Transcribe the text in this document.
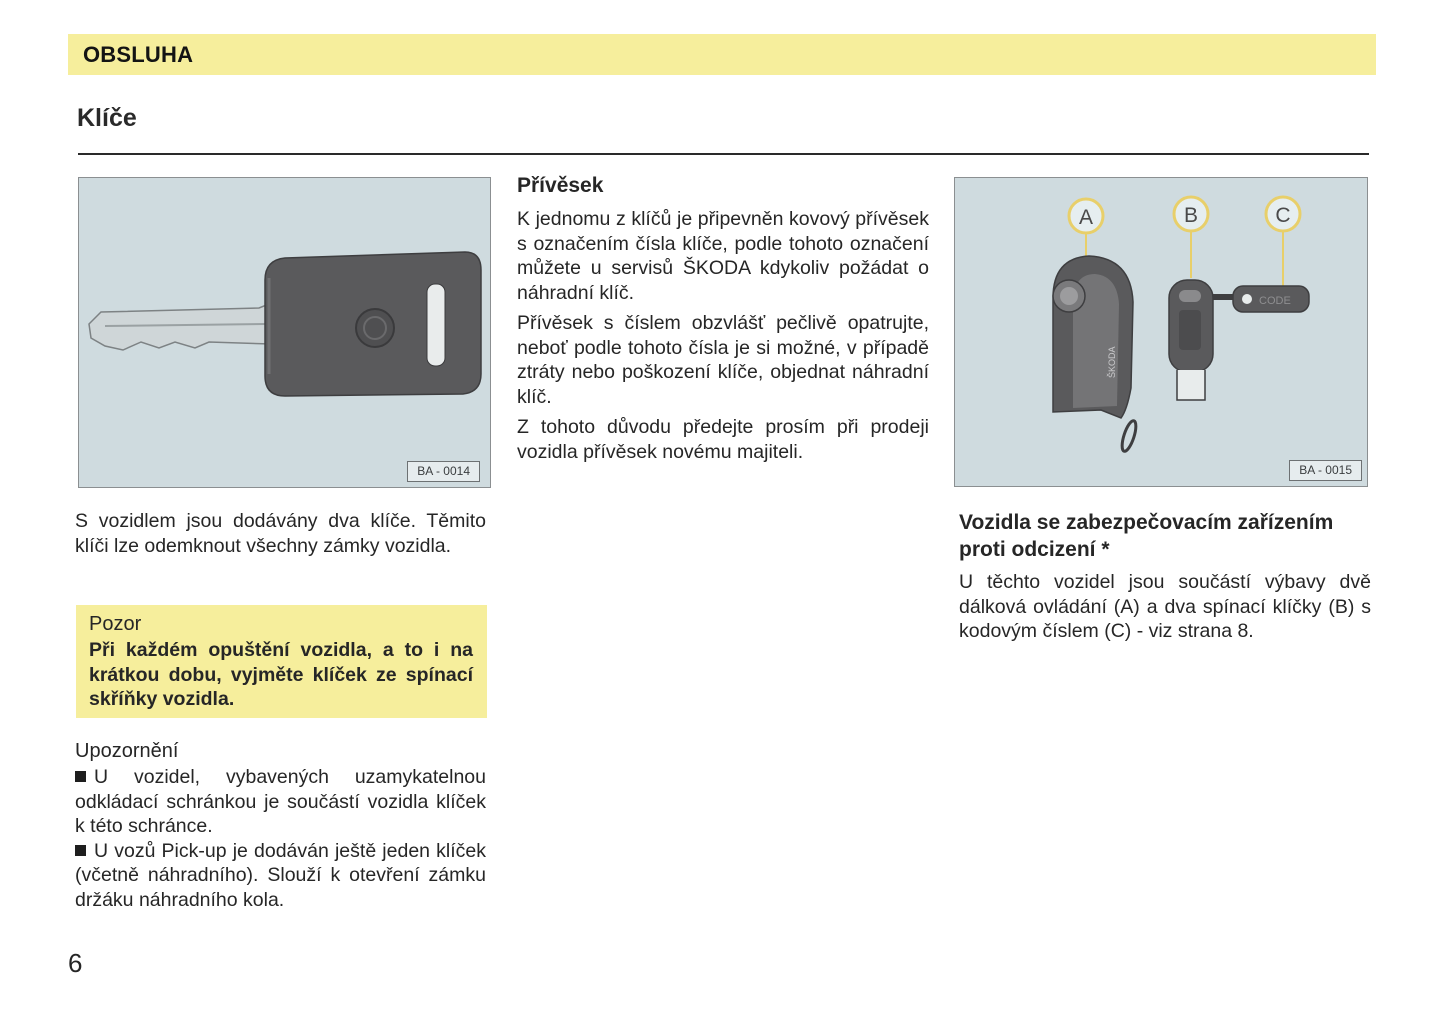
OBSLUHA
Klíče
BA - 0014

S vozidlem jsou dodávány dva klíče. Těmito klíči lze odemknout všechny zámky vozidla.

Pozor
Při každém opuštění vozidla, a to i na krátkou dobu, vyjměte klíček ze spínací skříňky vozidla.
Upozornění

U vozidel, vybavených uzamykatelnou odkládací schránkou je součástí vozidla klíček k této schránce.

U vozů Pick-up je dodáván ještě jeden klíček (včetně náhradního). Slouží k otevření zámku držáku náhradního kola.

Přívěsek

K jednomu z klíčů je připevněn kovový přívěsek s označením čísla klíče, podle tohoto označení můžete u servisů ŠKODA kdykoliv požádat o náhradní klíč.

Přívěsek s číslem obzvlášť pečlivě opatrujte, neboť podle tohoto čísla je si možné, v případě ztráty nebo poškození klíče, objednat náhradní klíč.

Z tohoto důvodu předejte prosím při prodeji vozidla přívěsek novému majiteli.

ŠKODA
CODE
A	B	C
BA - 0015
Vozidla se zabezpečovacím zařízením proti odcizení *

U těchto vozidel jsou součástí výbavy dvě dálková ovládání (A) a dva spínací klíčky (B) s kodovým číslem (C) - viz strana 8.

6
